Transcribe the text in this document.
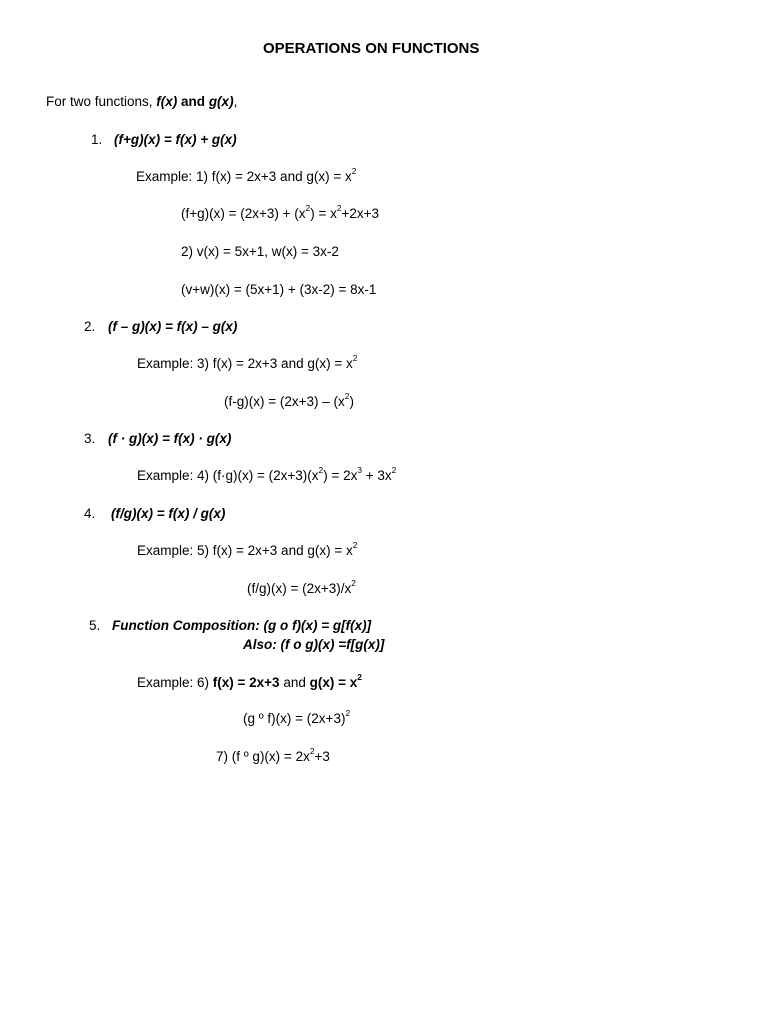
OPERATIONS ON FUNCTIONS
For two functions, f(x) and g(x),
1. (f+g)(x) = f(x) + g(x)
Example: 1) f(x) = 2x+3 and $g(x) = x^2$
$(f+g)(x) = (2x+3) + (x^2) = x^2+2x+3$
2) v(x) = 5x+1, w(x) = 3x-2
(v+w)(x) = (5x+1) + (3x-2) = 8x-1
2. (f – g)(x) = f(x) – g(x)
Example: 3) f(x) = 2x+3 and $g(x) = x^2$
$(f-g)(x) = (2x+3) - (x^2)$
3. (f · g)(x) = f(x) · g(x)
Example: 4) $(f\cdot g)(x) = (2x+3)(x^2) = 2x^3 + 3x^2$
4. (f/g)(x) = f(x) / g(x)
Example: 5) f(x) = 2x+3 and $g(x) = x^2$
$(f/g)(x) = (2x+3)/x^2$
5. Function Composition: (g o f)(x) = g[f(x)]
Also: (f o g)(x) =f[g(x)]
Example: 6) f(x) = 2x+3 and $g(x) = x^2$
(g º $f)(x) = (2x+3)^2$
7) (f º $g)(x) = 2x^2+3$
